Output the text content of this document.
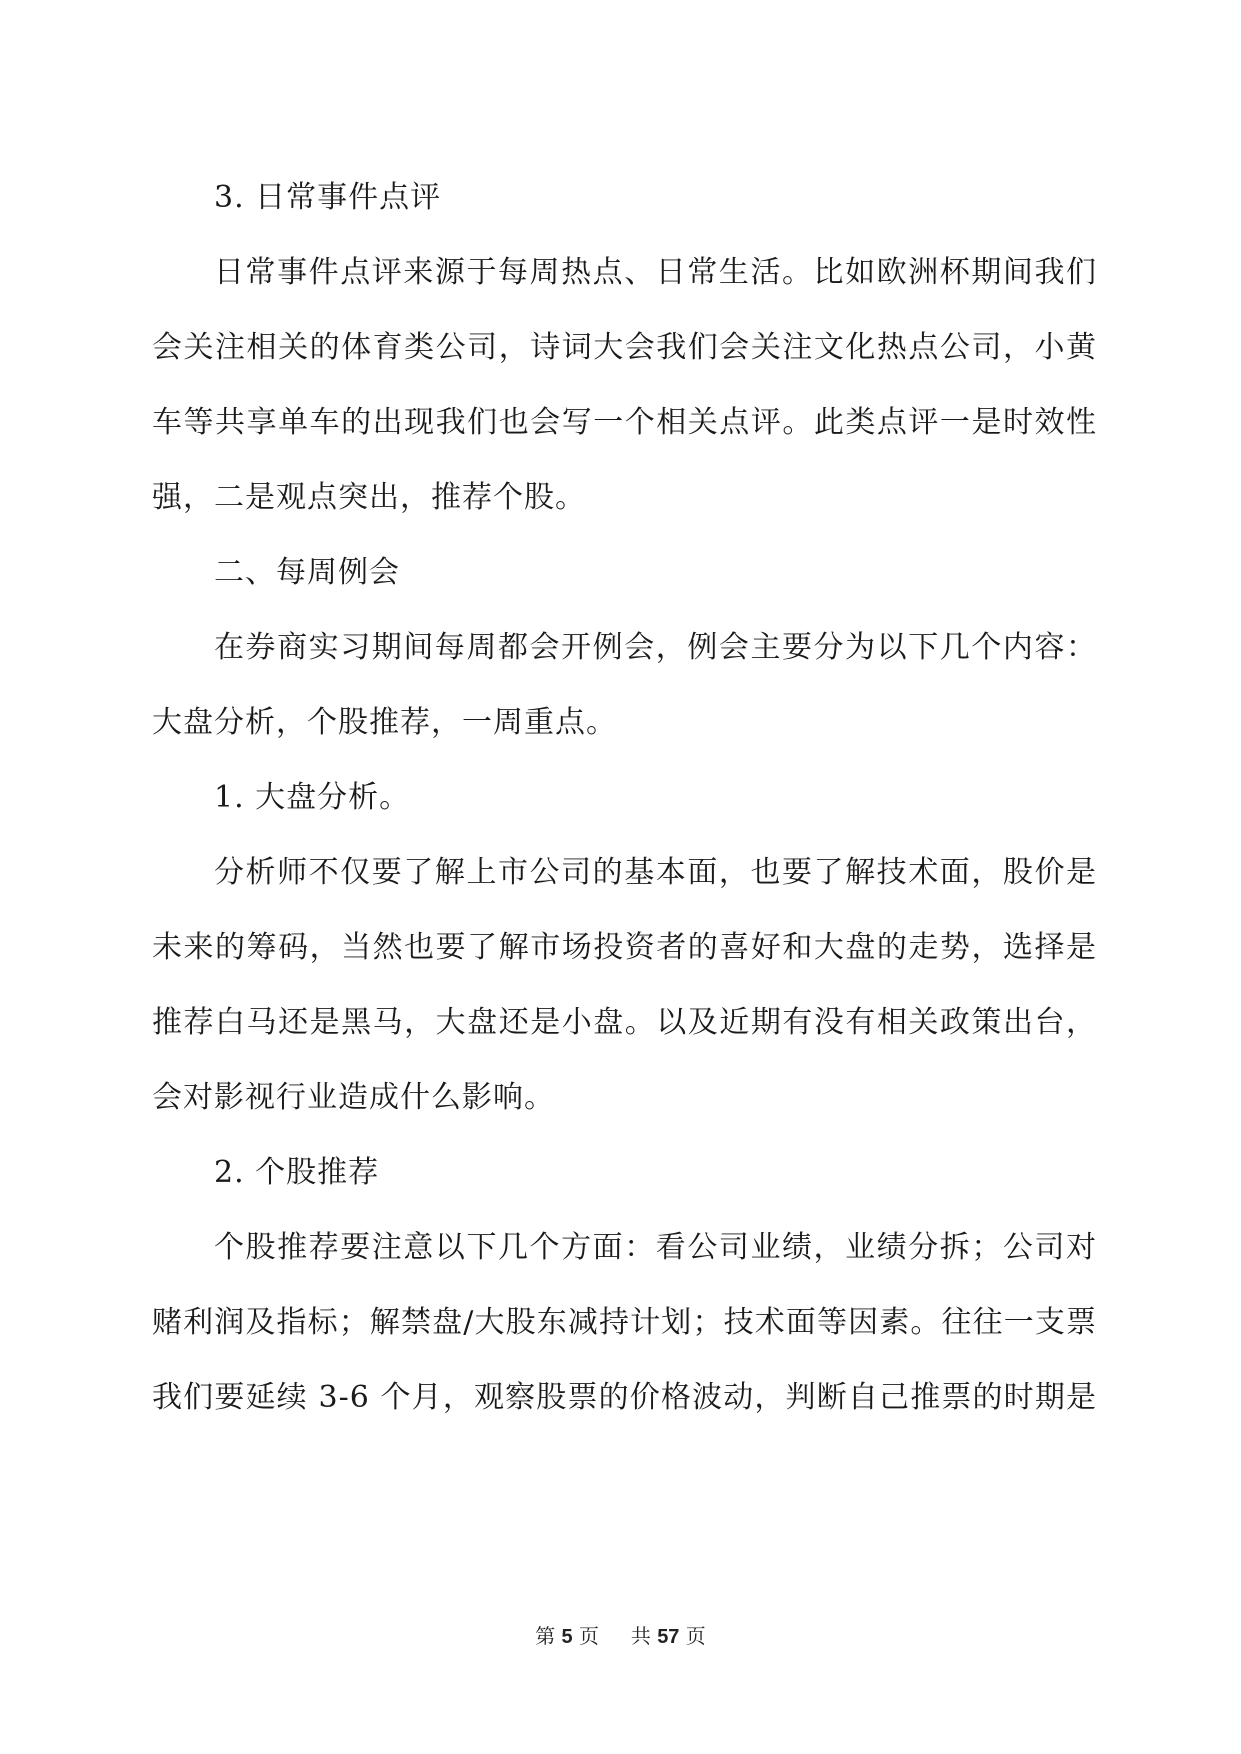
3. 日常事件点评
日常事件点评来源于每周热点、日常生活。比如欧洲杯期间我们
会关注相关的体育类公司，诗词大会我们会关注文化热点公司，小黄
车等共享单车的出现我们也会写一个相关点评。此类点评一是时效性
强，二是观点突出，推荐个股。
二、每周例会
在券商实习期间每周都会开例会，例会主要分为以下几个内容：
大盘分析，个股推荐，一周重点。
1. 大盘分析。
分析师不仅要了解上市公司的基本面，也要了解技术面，股价是
未来的筹码，当然也要了解市场投资者的喜好和大盘的走势，选择是
推荐白马还是黑马，大盘还是小盘。以及近期有没有相关政策出台，
会对影视行业造成什么影响。
2. 个股推荐
个股推荐要注意以下几个方面：看公司业绩，业绩分拆；公司对
赌利润及指标；解禁盘/大股东减持计划；技术面等因素。往往一支票
我们要延续 3-6 个月，观察股票的价格波动，判断自己推票的时期是
第 5 页 共 57 页
